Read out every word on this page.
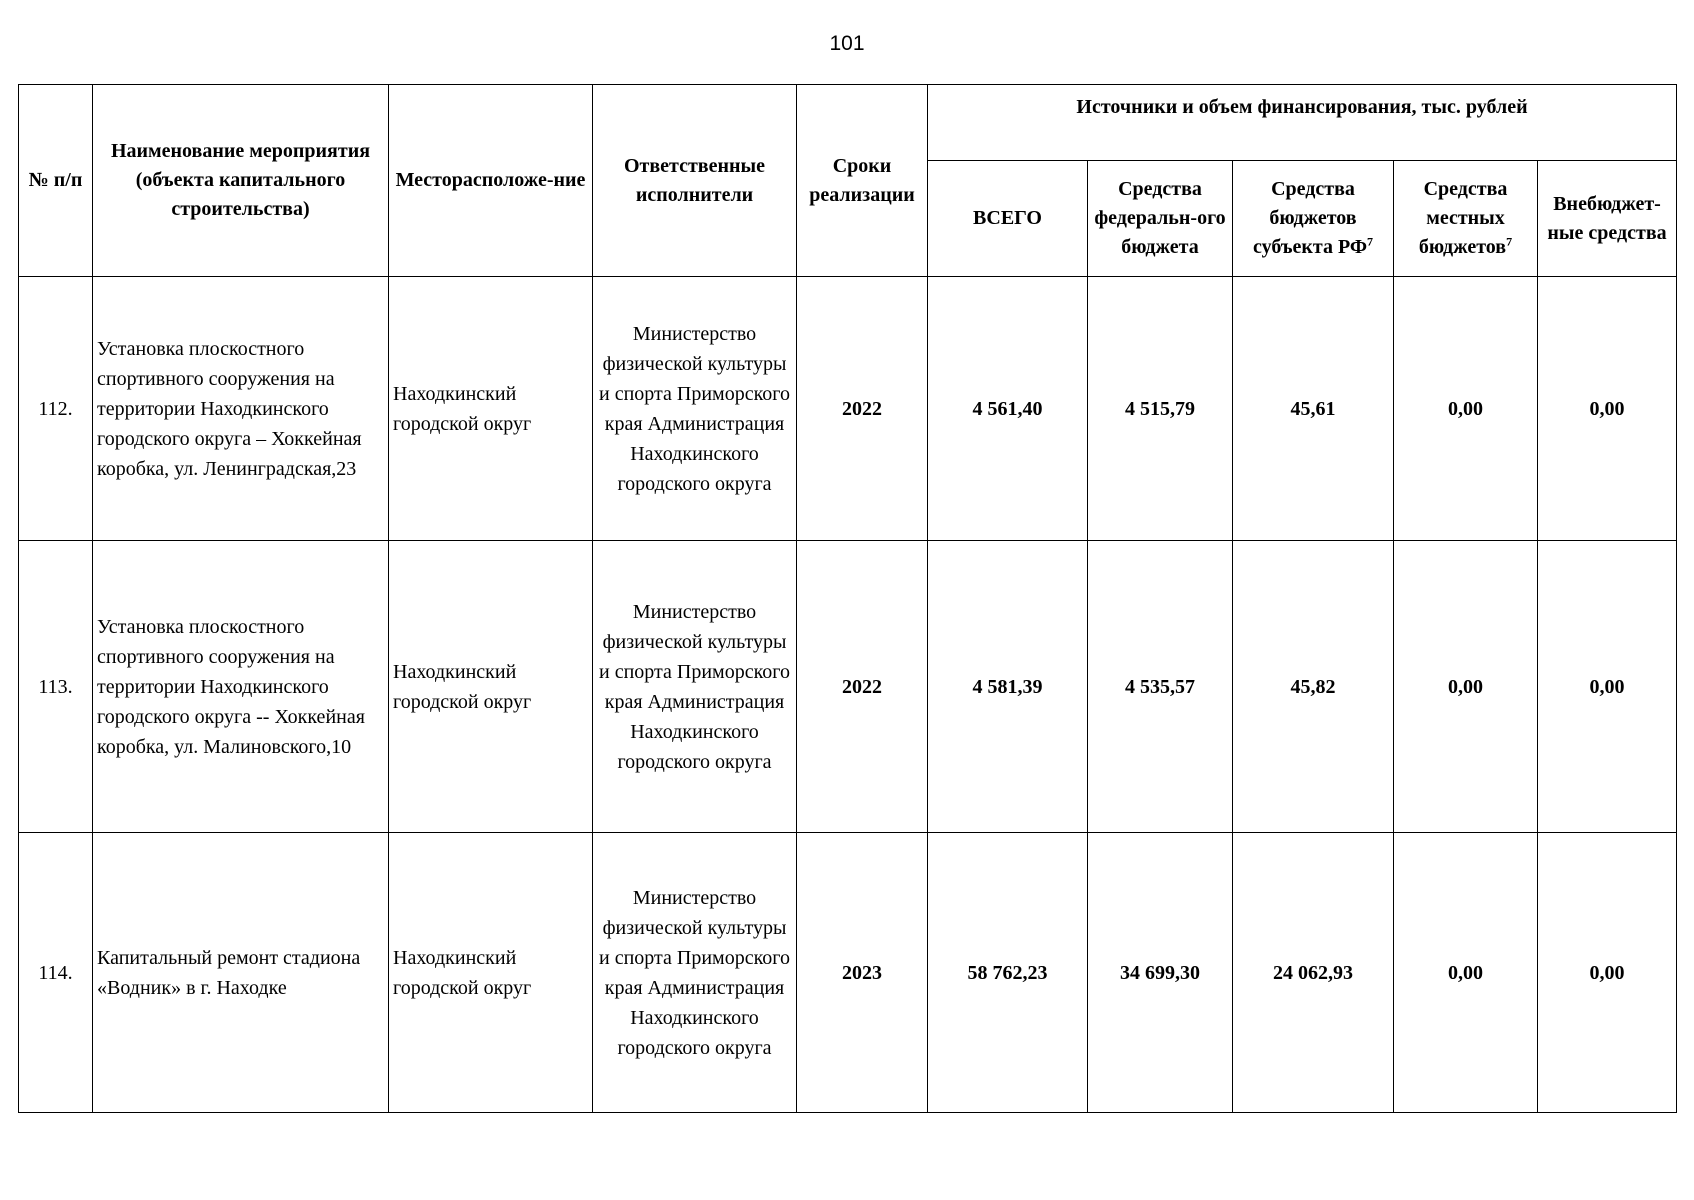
101
№ п/п	Наименование мероприятия (объекта капитального строительства)	Месторасположе-ние	Ответственные исполнители	Сроки реализации	Источники и объем финансирования, тыс. рублей				
					ВСЕГО	Средства федеральн-ого бюджета	Средства бюджетов субъекта $РФ^7$	Средства местных бюджетов$^7$	Внебюджет-ные средства
112.	Установка плоскостного спортивного сооружения на территории Находкинского городского округа – Хоккейная коробка, ул. Ленинградская,23	Находкинский городской округ	Министерство физической культуры и спорта Приморского края Администрация Находкинского городского округа	2022	4 561,40	4 515,79	45,61	0,00	0,00
113.	Установка плоскостного спортивного сооружения на территории Находкинского городского округа -- Хоккейная коробка, ул. Малиновского,10	Находкинский городской округ	Министерство физической культуры и спорта Приморского края Администрация Находкинского городского округа	2022	4 581,39	4 535,57	45,82	0,00	0,00
114.	Капитальный ремонт стадиона «Водник» в г. Находке	Находкинский городской округ	Министерство физической культуры и спорта Приморского края Администрация Находкинского городского округа	2023	58 762,23	34 699,30	24 062,93	0,00	0,00
